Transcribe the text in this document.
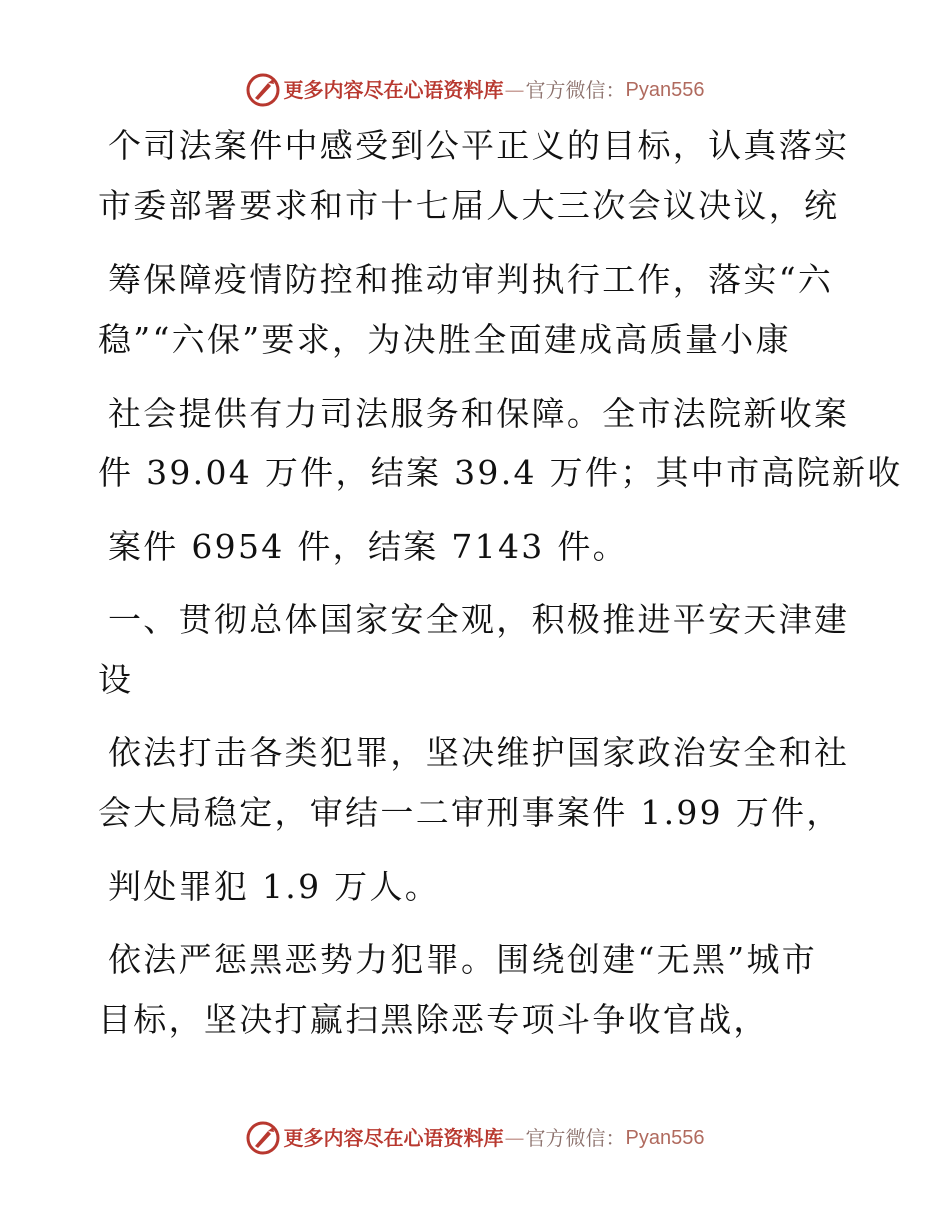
更多内容尽在心语资料库 — 官方微信： Pyan556
个司法案件中感受到公平正义的目标，认真落实
市委部署要求和市十七届人大三次会议决议，统
筹保障疫情防控和推动审判执行工作，落实“六
稳”“六保”要求，为决胜全面建成高质量小康
社会提供有力司法服务和保障。全市法院新收案
件 39.04 万件，结案 39.4 万件；其中市高院新收
案件 6954 件，结案 7143 件。
一、贯彻总体国家安全观，积极推进平安天津建
设
依法打击各类犯罪，坚决维护国家政治安全和社
会大局稳定，审结一二审刑事案件 1.99 万件，
判处罪犯 1.9 万人。
依法严惩黑恶势力犯罪。围绕创建“无黑”城市
目标，坚决打赢扫黑除恶专项斗争收官战，
更多内容尽在心语资料库 — 官方微信： Pyan556
